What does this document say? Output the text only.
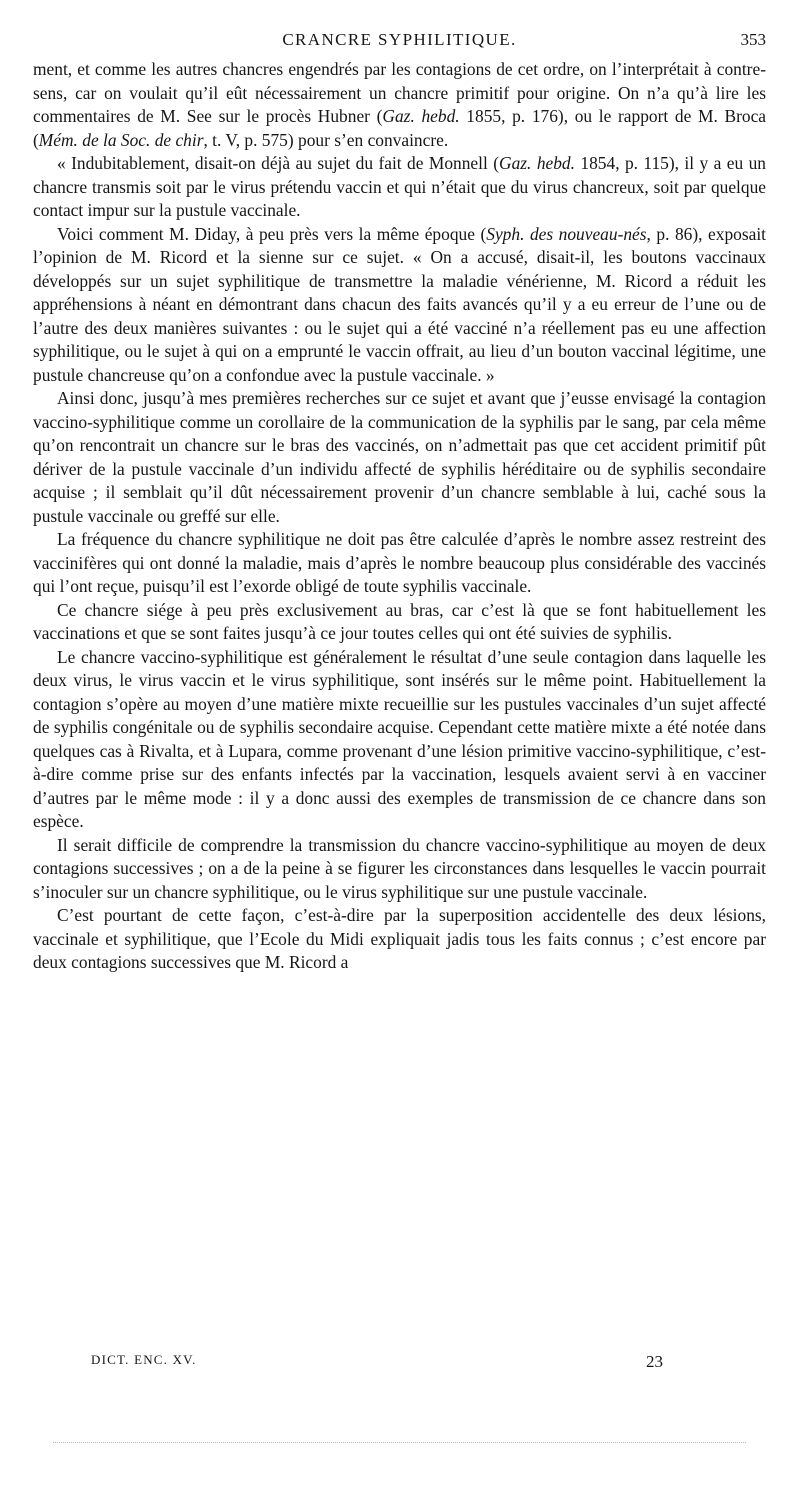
CRANCRE SYPHILITIQUE.	353

ment, et comme les autres chancres engendrés par les contagions de cet ordre, on l’interprétait à contre-sens, car on voulait qu’il eût nécessairement un chancre primitif pour origine. On n’a qu’à lire les commentaires de M. See sur le procès Hubner (Gaz. hebd. 1855, p. 176), ou le rapport de M. Broca (Mém. de la Soc. de chir, t. V, p. 575) pour s’en convaincre.

« Indubitablement, disait-on déjà au sujet du fait de Monnell (Gaz. hebd. 1854, p. 115), il y a eu un chancre transmis soit par le virus prétendu vaccin et qui n’était que du virus chancreux, soit par quelque contact impur sur la pustule vaccinale.

Voici comment M. Diday, à peu près vers la même époque (Syph. des nouveau-nés, p. 86), exposait l’opinion de M. Ricord et la sienne sur ce sujet. « On a accusé, disait-il, les boutons vaccinaux développés sur un sujet syphilitique de transmettre la maladie vénérienne, M. Ricord a réduit les appréhensions à néant en démontrant dans chacun des faits avancés qu’il y a eu erreur de l’une ou de l’autre des deux manières suivantes : ou le sujet qui a été vacciné n’a réellement pas eu une affection syphilitique, ou le sujet à qui on a emprunté le vaccin offrait, au lieu d’un bouton vaccinal légitime, une pustule chancreuse qu’on a confondue avec la pustule vaccinale. »

Ainsi donc, jusqu’à mes premières recherches sur ce sujet et avant que j’eusse envisagé la contagion vaccino-syphilitique comme un corollaire de la communication de la syphilis par le sang, par cela même qu’on rencontrait un chancre sur le bras des vaccinés, on n’admettait pas que cet accident primitif pût dériver de la pustule vaccinale d’un individu affecté de syphilis héréditaire ou de syphilis secondaire acquise ; il semblait qu’il dût nécessairement provenir d’un chancre semblable à lui, caché sous la pustule vaccinale ou greffé sur elle.

La fréquence du chancre syphilitique ne doit pas être calculée d’après le nombre assez restreint des vaccinifères qui ont donné la maladie, mais d’après le nombre beaucoup plus considérable des vaccinés qui l’ont reçue, puisqu’il est l’exorde obligé de toute syphilis vaccinale.

Ce chancre siége à peu près exclusivement au bras, car c’est là que se font habituellement les vaccinations et que se sont faites jusqu’à ce jour toutes celles qui ont été suivies de syphilis.

Le chancre vaccino-syphilitique est généralement le résultat d’une seule contagion dans laquelle les deux virus, le virus vaccin et le virus syphilitique, sont insérés sur le même point. Habituellement la contagion s’opère au moyen d’une matière mixte recueillie sur les pustules vaccinales d’un sujet affecté de syphilis congénitale ou de syphilis secondaire acquise. Cependant cette matière mixte a été notée dans quelques cas à Rivalta, et à Lupara, comme provenant d’une lésion primitive vaccino-syphilitique, c’est-à-dire comme prise sur des enfants infectés par la vaccination, lesquels avaient servi à en vacciner d’autres par le même mode : il y a donc aussi des exemples de transmission de ce chancre dans son espèce.

Il serait difficile de comprendre la transmission du chancre vaccino-syphilitique au moyen de deux contagions successives ; on a de la peine à se figurer les circonstances dans lesquelles le vaccin pourrait s’inoculer sur un chancre syphilitique, ou le virus syphilitique sur une pustule vaccinale.

C’est pourtant de cette façon, c’est-à-dire par la superposition accidentelle des deux lésions, vaccinale et syphilitique, que l’Ecole du Midi expliquait jadis tous les faits connus ; c’est encore par deux contagions successives que M. Ricord a

DICT. ENC. XV.	23
